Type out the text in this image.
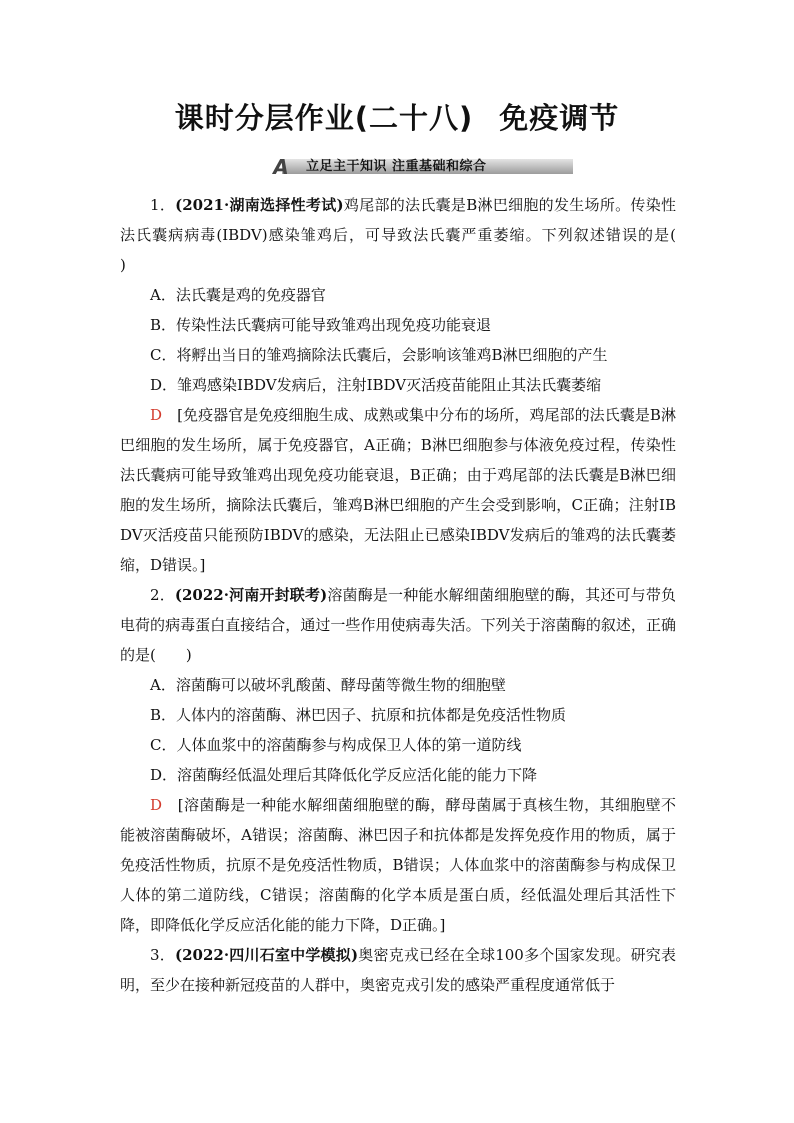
课时分层作业(二十八) 免疫调节
A 立足主干知识 注重基础和综合

1．(2021·湖南选择性考试)鸡尾部的法氏囊是B淋巴细胞的发生场所。传染性法氏囊病病毒(IBDV)感染雏鸡后，可导致法氏囊严重萎缩。下列叙述错误的是(　　)

A．法氏囊是鸡的免疫器官

B．传染性法氏囊病可能导致雏鸡出现免疫功能衰退

C．将孵出当日的雏鸡摘除法氏囊后，会影响该雏鸡B淋巴细胞的产生

D．雏鸡感染IBDV发病后，注射IBDV灭活疫苗能阻止其法氏囊萎缩

D　[免疫器官是免疫细胞生成、成熟或集中分布的场所，鸡尾部的法氏囊是B淋巴细胞的发生场所，属于免疫器官，A正确；B淋巴细胞参与体液免疫过程，传染性法氏囊病可能导致雏鸡出现免疫功能衰退，B正确；由于鸡尾部的法氏囊是B淋巴细胞的发生场所，摘除法氏囊后，雏鸡B淋巴细胞的产生会受到影响，C正确；注射IBDV灭活疫苗只能预防IBDV的感染，无法阻止已感染IBDV发病后的雏鸡的法氏囊萎缩，D错误。]

2．(2022·河南开封联考)溶菌酶是一种能水解细菌细胞壁的酶，其还可与带负电荷的病毒蛋白直接结合，通过一些作用使病毒失活。下列关于溶菌酶的叙述，正确的是(　　)

A．溶菌酶可以破坏乳酸菌、酵母菌等微生物的细胞壁

B．人体内的溶菌酶、淋巴因子、抗原和抗体都是免疫活性物质

C．人体血浆中的溶菌酶参与构成保卫人体的第一道防线

D．溶菌酶经低温处理后其降低化学反应活化能的能力下降

D　[溶菌酶是一种能水解细菌细胞壁的酶，酵母菌属于真核生物，其细胞壁不能被溶菌酶破坏，A错误；溶菌酶、淋巴因子和抗体都是发挥免疫作用的物质，属于免疫活性物质，抗原不是免疫活性物质，B错误；人体血浆中的溶菌酶参与构成保卫人体的第二道防线，C错误；溶菌酶的化学本质是蛋白质，经低温处理后其活性下降，即降低化学反应活化能的能力下降，D正确。]

3．(2022·四川石室中学模拟)奥密克戎已经在全球100多个国家发现。研究表明，至少在接种新冠疫苗的人群中，奥密克戎引发的感染严重程度通常低于
